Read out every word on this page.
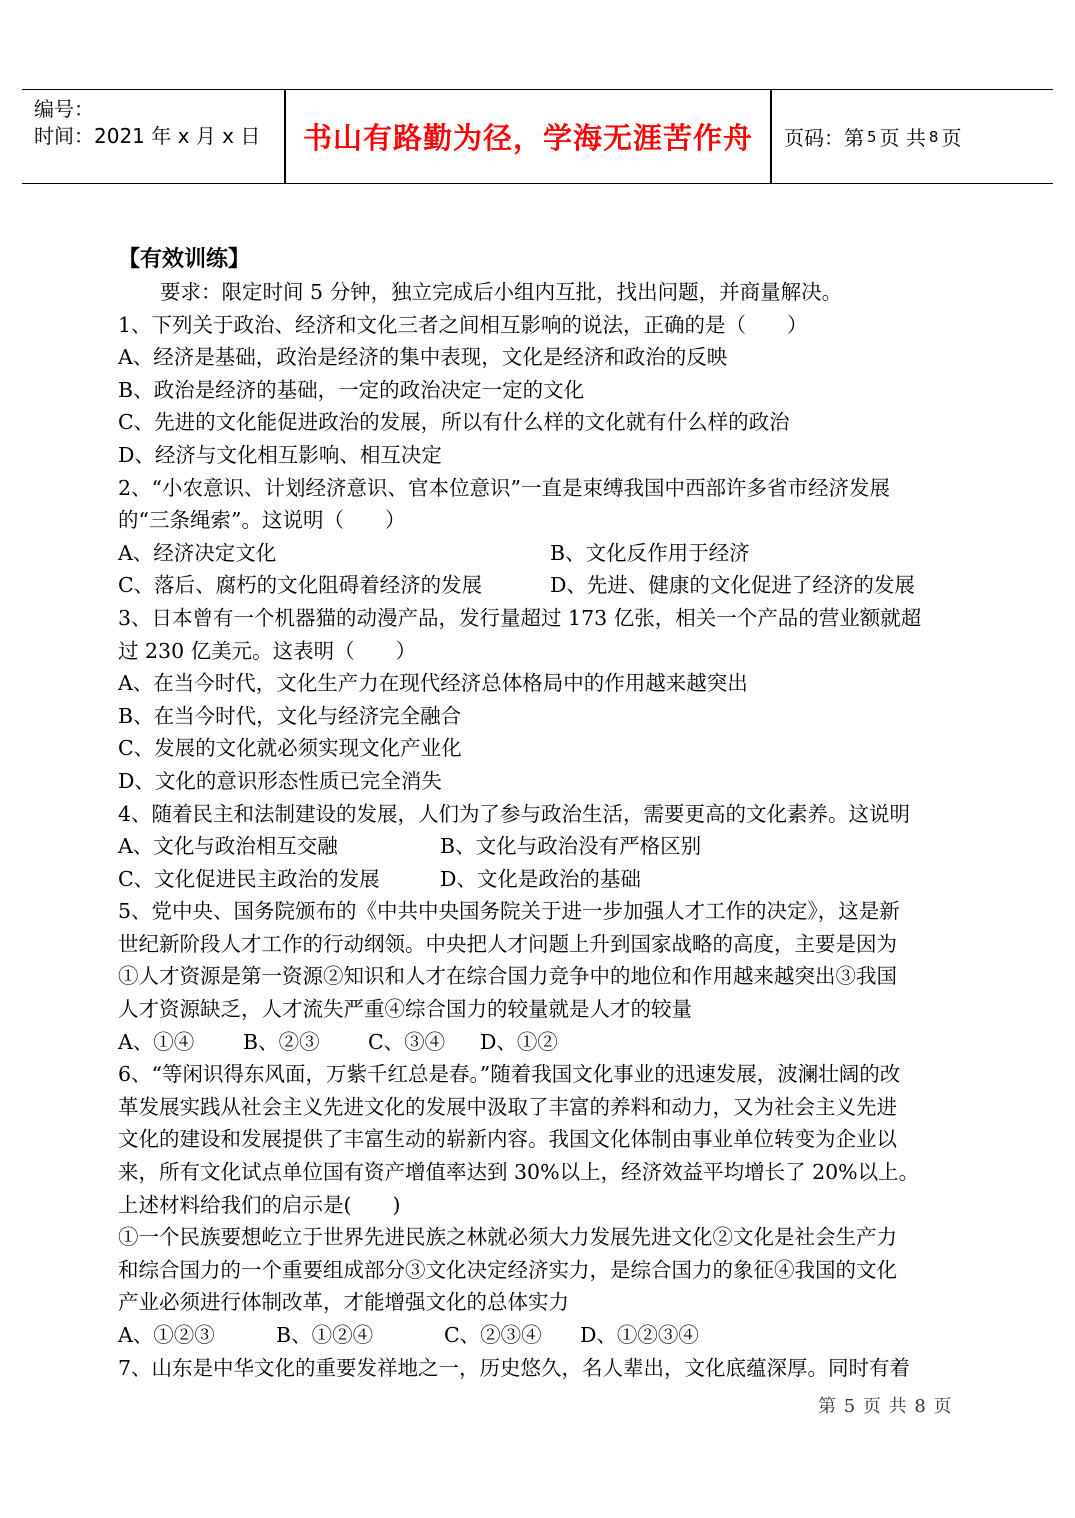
编号：
时间：2021 年 x 月 x 日	书山有路勤为径，学海无涯苦作舟	页码：第 5 页 共 8 页
【有效训练】
要求：限定时间 5 分钟，独立完成后小组内互批，找出问题，并商量解决。
1、下列关于政治、经济和文化三者之间相互影响的说法，正确的是（　　）
A、经济是基础，政治是经济的集中表现，文化是经济和政治的反映
B、政治是经济的基础，一定的政治决定一定的文化
C、先进的文化能促进政治的发展，所以有什么样的文化就有什么样的政治
D、经济与文化相互影响、相互决定
2、“小农意识、计划经济意识、官本位意识”一直是束缚我国中西部许多省市经济发展
的“三条绳索”。这说明（　　）
A、经济决定文化	B、文化反作用于经济
C、落后、腐朽的文化阻碍着经济的发展	D、先进、健康的文化促进了经济的发展
3、日本曾有一个机器猫的动漫产品，发行量超过 173 亿张，相关一个产品的营业额就超
过 230 亿美元。这表明（　　）
A、在当今时代，文化生产力在现代经济总体格局中的作用越来越突出
B、在当今时代，文化与经济完全融合
C、发展的文化就必须实现文化产业化
D、文化的意识形态性质已完全消失
4、随着民主和法制建设的发展，人们为了参与政治生活，需要更高的文化素养。这说明
A、文化与政治相互交融	B、文化与政治没有严格区别
C、文化促进民主政治的发展	D、文化是政治的基础
5、党中央、国务院颁布的《中共中央国务院关于进一步加强人才工作的决定》，这是新
世纪新阶段人才工作的行动纲领。中央把人才问题上升到国家战略的高度，主要是因为
①人才资源是第一资源②知识和人才在综合国力竞争中的地位和作用越来越突出③我国
人才资源缺乏，人才流失严重④综合国力的较量就是人才的较量
A、①④	B、②③	C、③④	D、①②
6、“等闲识得东风面，万紫千红总是春。”随着我国文化事业的迅速发展，波澜壮阔的改
革发展实践从社会主义先进文化的发展中汲取了丰富的养料和动力，又为社会主义先进
文化的建设和发展提供了丰富生动的崭新内容。我国文化体制由事业单位转变为企业以
来，所有文化试点单位国有资产增值率达到 30%以上，经济效益平均增长了 20%以上。
上述材料给我们的启示是(　　)
①一个民族要想屹立于世界先进民族之林就必须大力发展先进文化②文化是社会生产力
和综合国力的一个重要组成部分③文化决定经济实力，是综合国力的象征④我国的文化
产业必须进行体制改革，才能增强文化的总体实力
A、①②③	B、①②④	C、②③④	D、①②③④
7、山东是中华文化的重要发祥地之一，历史悠久，名人辈出，文化底蕴深厚。同时有着
第 5 页 共 8 页
